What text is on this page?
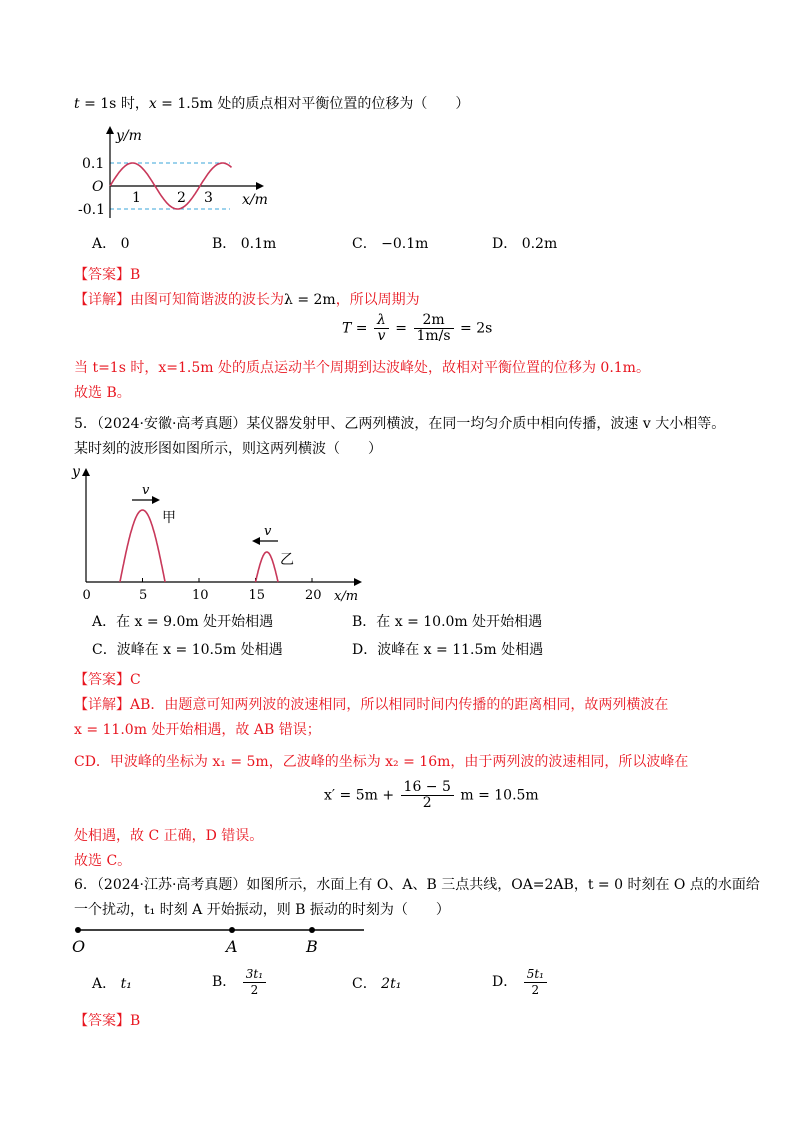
t = 1s 时，x = 1.5m 处的质点相对平衡位置的位移为（　　）
y/m
x/m
O
0.1
-0.1
1	2 3
A． 0	B． 0.1m	C． −0.1m	D． 0.2m
【答案】B
【详解】由图可知简谐波的波长为λ = 2m，所以周期为
$T = \frac{\lambda}{v} = \frac{2m}{1m/s} = 2s$
当 t=1s 时，x=1.5m 处的质点运动半个周期到达波峰处，故相对平衡位置的位移为 0.1m。
故选 B。
5．（2024·安徽·高考真题）某仪器发射甲、乙两列横波，在同一均匀介质中相向传播，波速 v 大小相等。
某时刻的波形图如图所示，则这两列横波（　　）
0	5	10	15	20
v
v
甲
乙
y
x/m
A．在 x = 9.0m 处开始相遇	B．在 x = 10.0m 处开始相遇
C．波峰在 x = 10.5m 处相遇	D．波峰在 x = 11.5m 处相遇
【答案】C
【详解】AB．由题意可知两列波的波速相同，所以相同时间内传播的的距离相同，故两列横波在
x = 11.0m 处开始相遇，故 AB 错误；
CD．甲波峰的坐标为 x₁ = 5m，乙波峰的坐标为 x₂ = 16m，由于两列波的波速相同，所以波峰在
$x' = 5m + \frac{16 - 5}{2}$ m = 10.5m
处相遇，故 C 正确，D 错误。
故选 C。
6．（2024·江苏·高考真题）如图所示，水面上有 O、A、B 三点共线，OA=2AB，t = 0 时刻在 O 点的水面给
一个扰动，t₁ 时刻 A 开始振动，则 B 振动的时刻为（　　）
O	A	B
A． t₁	B． $\frac{\text{3t₁}}{2}$	C． 2t₁	D． $\frac{\text{5t₁}}{2}$
【答案】B
